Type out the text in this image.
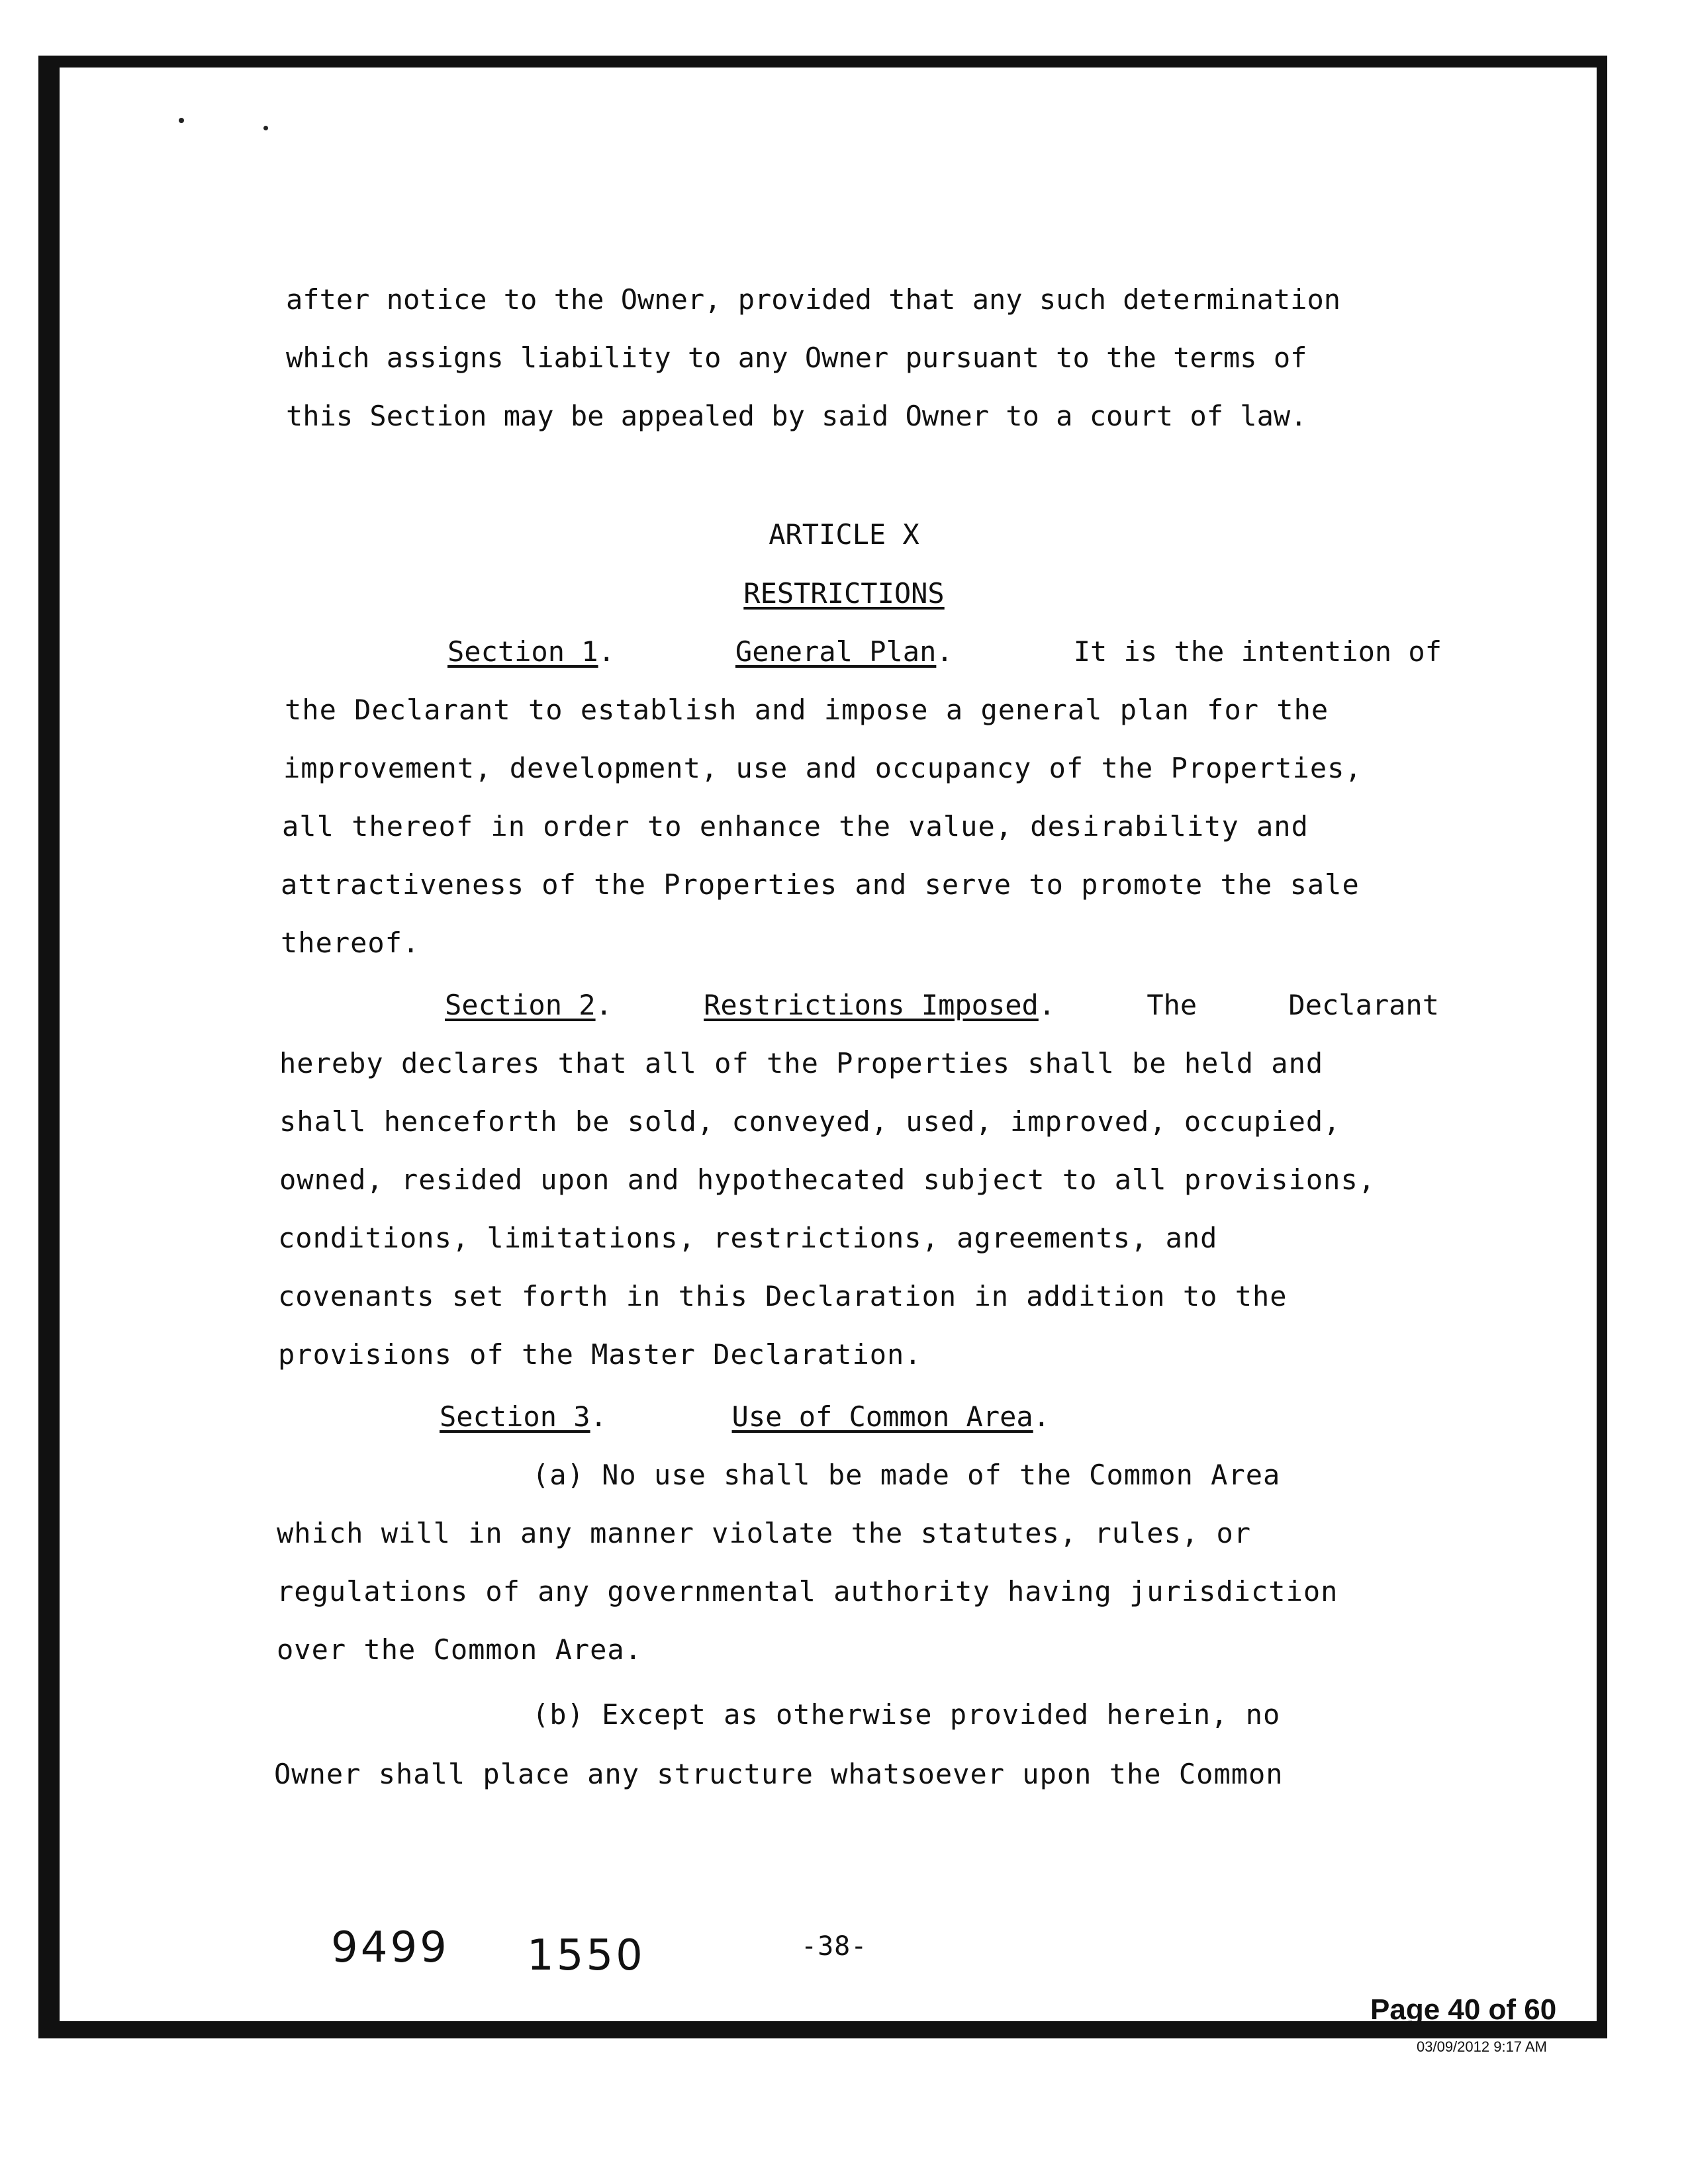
after notice to the Owner, provided that any such determination
which assigns liability to any Owner pursuant to the terms of
this Section may be appealed by said Owner to a court of law.
ARTICLE X
RESTRICTIONS
Section 1.	General Plan.	It is the intention of
the Declarant to establish and impose a general plan for the
improvement, development, use and occupancy of the Properties,
all thereof in order to enhance the value, desirability and
attractiveness of the Properties and serve to promote the sale
thereof.
Section 2.	Restrictions Imposed.	The	Declarant
hereby declares that all of the Properties shall be held and
shall henceforth be sold, conveyed, used, improved, occupied,
owned, resided upon and hypothecated subject to all provisions,
conditions, limitations, restrictions, agreements, and
covenants set forth in this Declaration in addition to the
provisions of the Master Declaration.
Section 3.	Use of Common Area.
(a) No use shall be made of the Common Area
which will in any manner violate the statutes, rules, or
regulations of any governmental authority having jurisdiction
over the Common Area.
(b) Except as otherwise provided herein, no
Owner shall place any structure whatsoever upon the Common
9499 1550	-38-
Page 40 of 60
03/09/2012 9:17 AM
